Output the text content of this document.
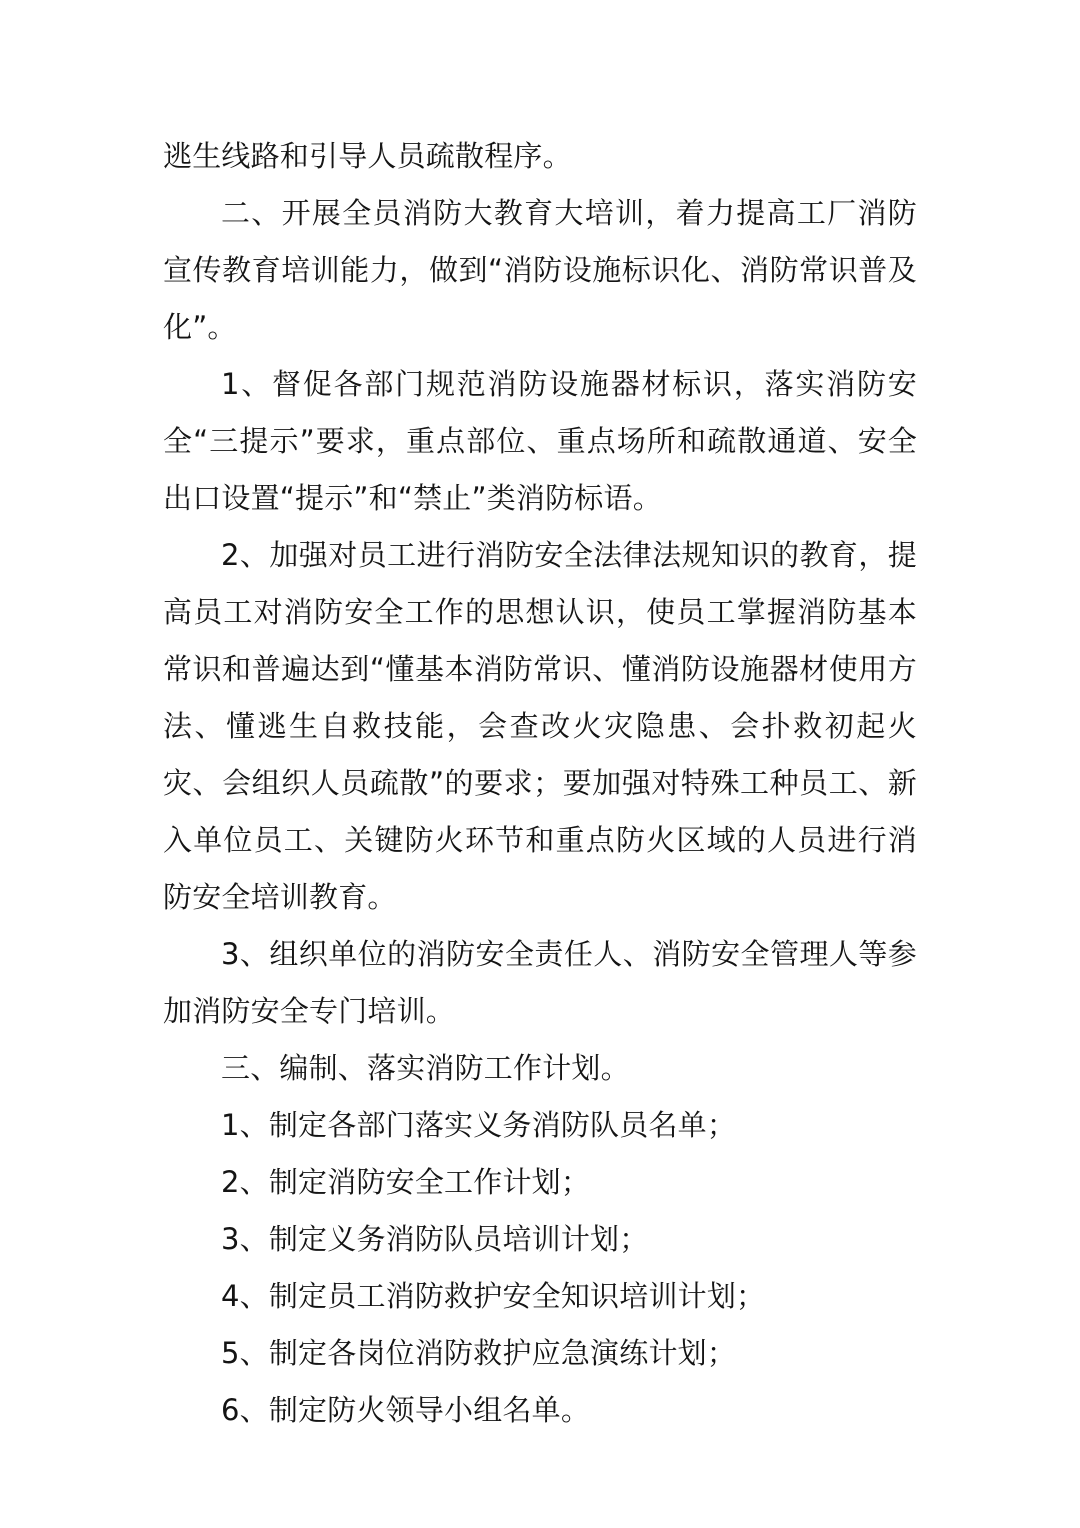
逃生线路和引导人员疏散程序。

二、开展全员消防大教育大培训，着力提高工厂消防宣传教育培训能力，做到“消防设施标识化、消防常识普及化”。

1、督促各部门规范消防设施器材标识，落实消防安全“三提示”要求，重点部位、重点场所和疏散通道、安全出口设置“提示”和“禁止”类消防标语。

2、加强对员工进行消防安全法律法规知识的教育，提高员工对消防安全工作的思想认识，使员工掌握消防基本常识和普遍达到“懂基本消防常识、懂消防设施器材使用方法、懂逃生自救技能，会查改火灾隐患、会扑救初起火灾、会组织人员疏散”的要求；要加强对特殊工种员工、新入单位员工、关键防火环节和重点防火区域的人员进行消防安全培训教育。

3、组织单位的消防安全责任人、消防安全管理人等参加消防安全专门培训。

三、编制、落实消防工作计划。

1、制定各部门落实义务消防队员名单；

2、制定消防安全工作计划；

3、制定义务消防队员培训计划；

4、制定员工消防救护安全知识培训计划；

5、制定各岗位消防救护应急演练计划；

6、制定防火领导小组名单。
